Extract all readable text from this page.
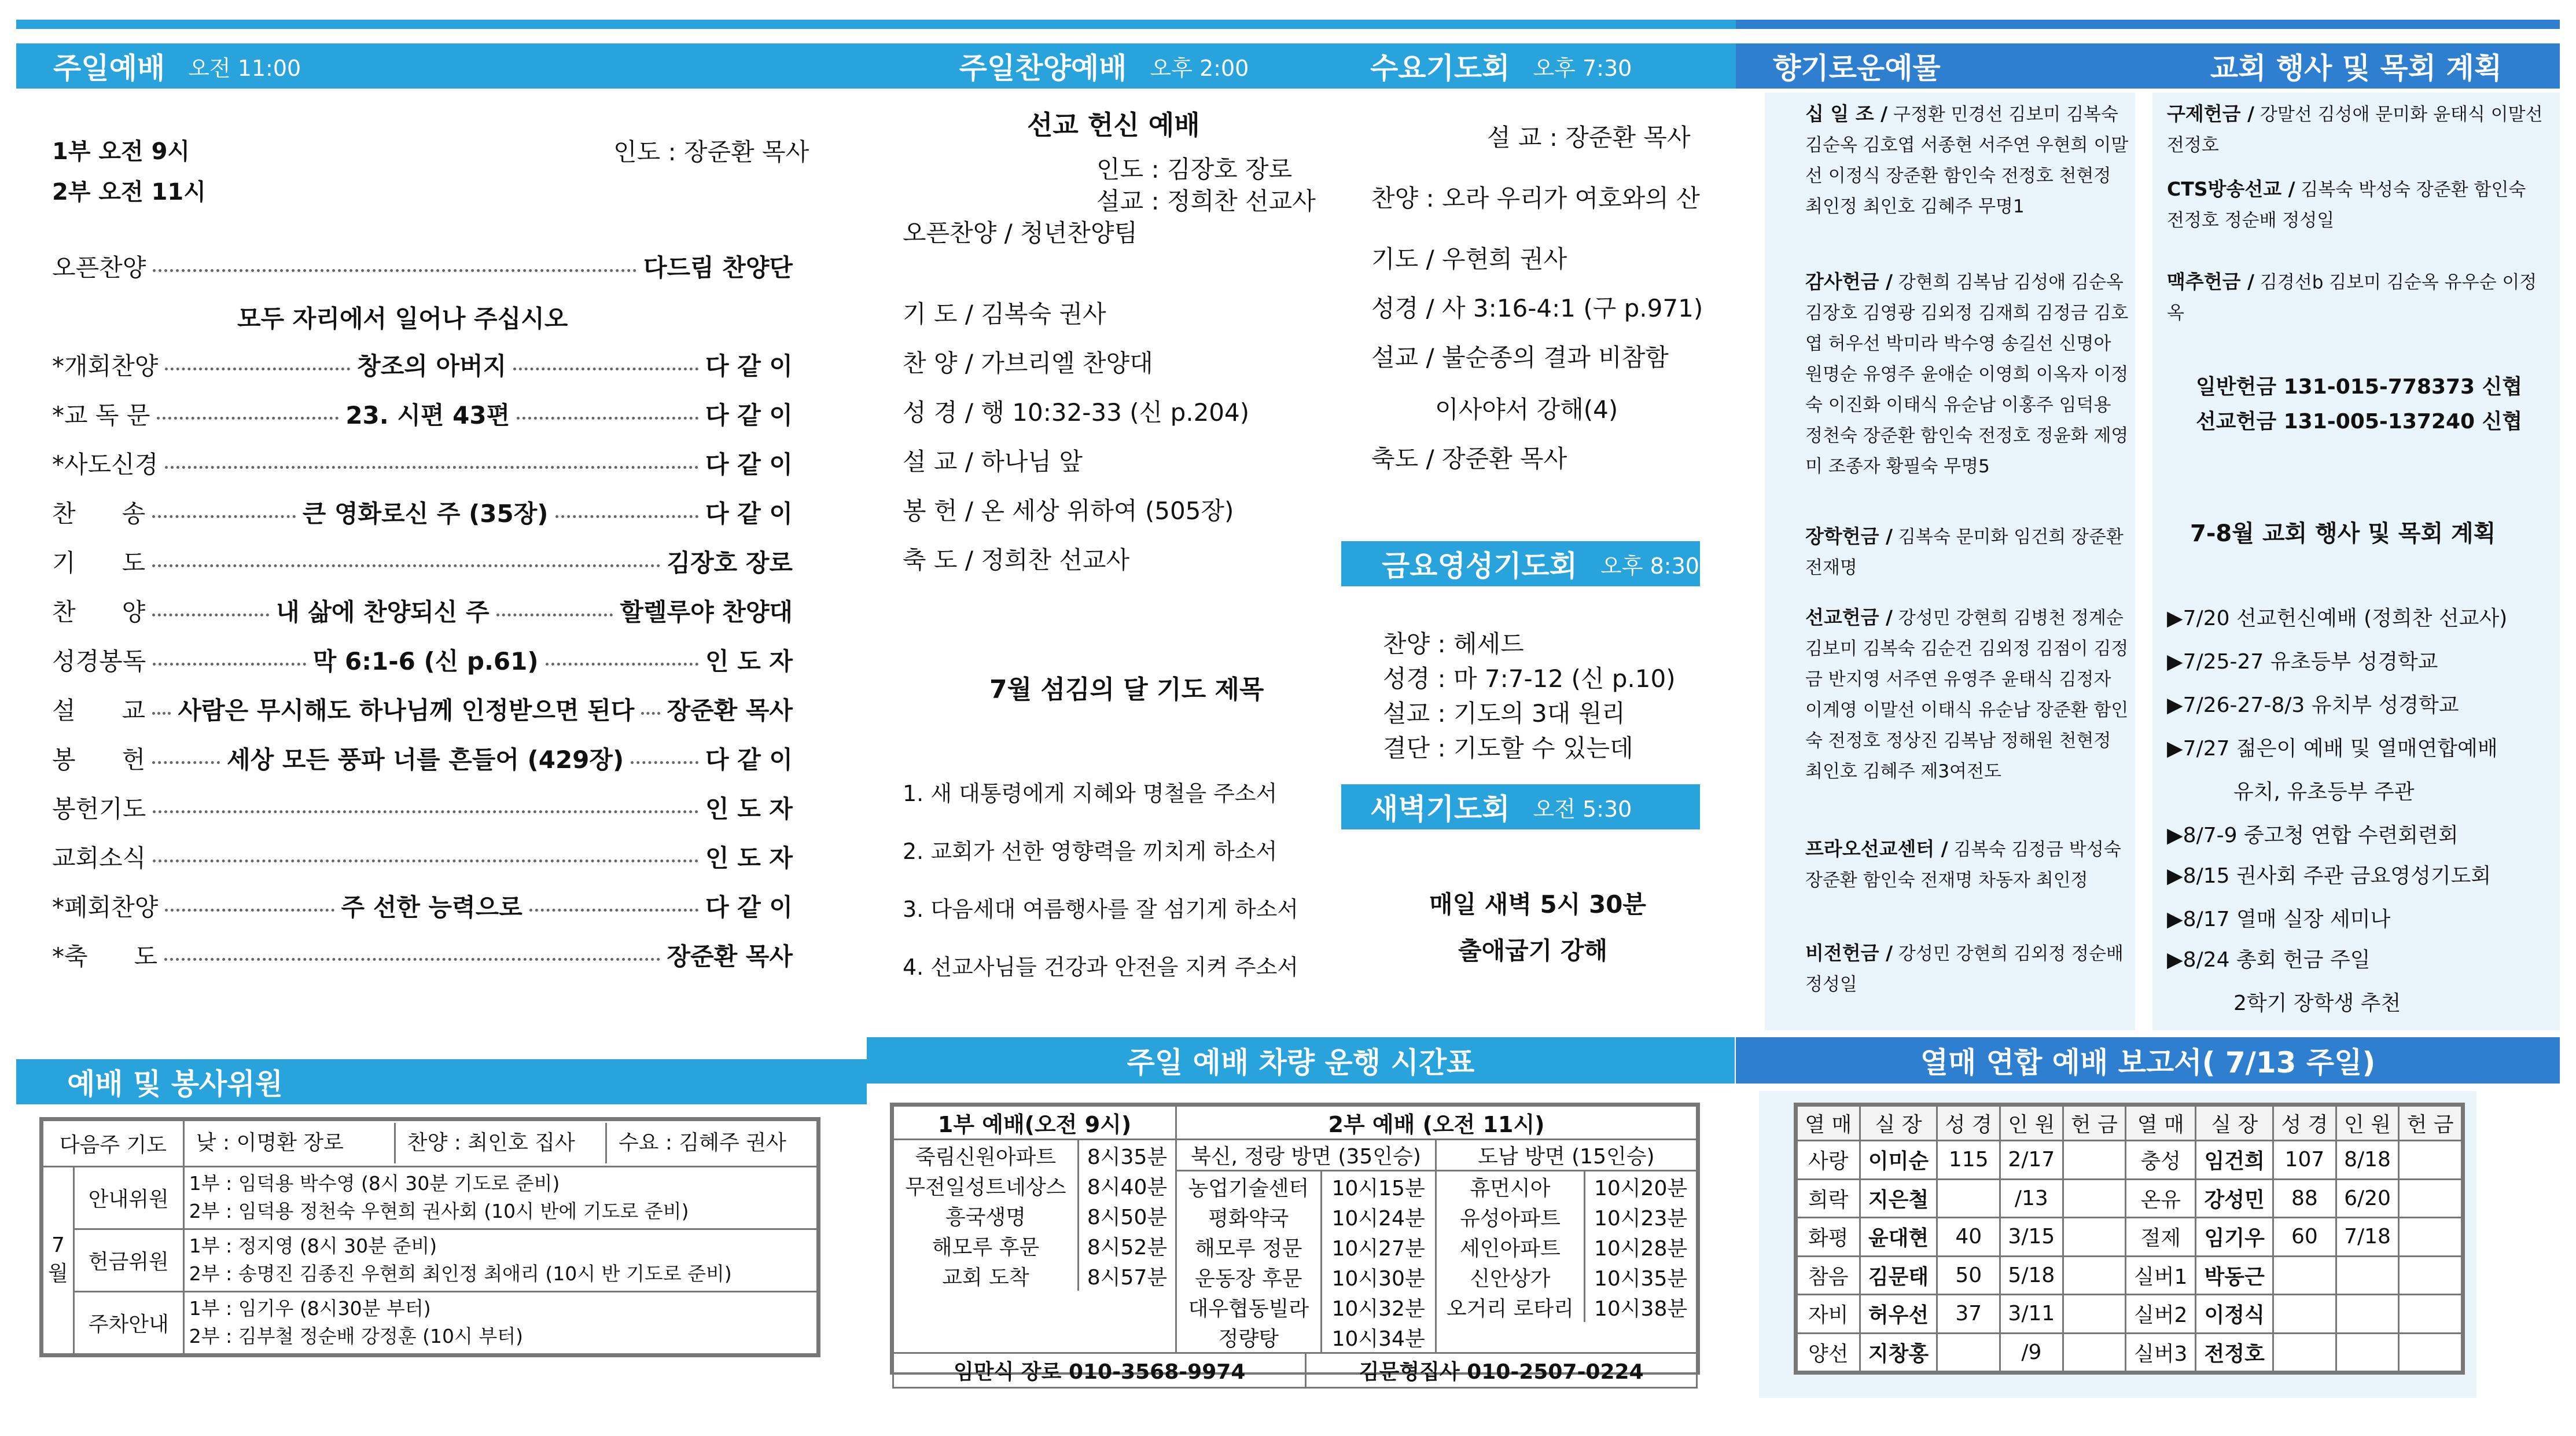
주일예배 오전 11:00	주일찬양예배 오후 2:00	수요기도회 오후 7:30	향기로운예물	교회 행사 및 목회 계획
1부 오전 9시
2부 오전 11시
인도 : 장준환 목사
모두 자리에서 일어나 주십시오
오픈찬양	다드림 찬양단
*개회찬양	창조의 아버지	다 같 이
*교 독 문	23. 시편 43편	다 같 이
*사도신경	다 같 이
찬      송	큰 영화로신 주 (35장)	다 같 이
기      도	김장호 장로
찬      양	내 삶에 찬양되신 주	할렐루야 찬양대
성경봉독	막 6:1-6 (신 p.61)	인 도 자
설      교 사람은 무시해도 하나님께 인정받으면 된다 장준환 목사
봉      헌	세상 모든 풍파 너를 흔들어 (429장)	다 같 이
봉헌기도	인 도 자
교회소식	인 도 자
*폐회찬양	주 선한 능력으로	다 같 이
*축      도	장준환 목사
선교 헌신 예배
인도 : 김장호 장로
설교 : 정희찬 선교사
오픈찬양 / 청년찬양팀
기 도 / 김복숙 권사
찬 양 / 가브리엘 찬양대
성 경 / 행 10:32-33 (신 p.204)
설 교 / 하나님 앞
봉 헌 / 온 세상 위하여 (505장)
축 도 / 정희찬 선교사
7월 섬김의 달 기도 제목
1. 새 대통령에게 지혜와 명철을 주소서
2. 교회가 선한 영향력을 끼치게 하소서
3. 다음세대 여름행사를 잘 섬기게 하소서
4. 선교사님들 건강과 안전을 지켜 주소서
설 교 : 장준환 목사
찬양 : 오라 우리가 여호와의 산
기도 / 우현희 권사
성경 / 사 3:16-4:1 (구 p.971)
설교 / 불순종의 결과 비참함
이사야서 강해(4)
축도 / 장준환 목사
금요영성기도회 오후 8:30
찬양 : 헤세드
성경 : 마 7:7-12 (신 p.10)
설교 : 기도의 3대 원리
결단 : 기도할 수 있는데
새벽기도회 오전 5:30
매일 새벽 5시 30분
출애굽기 강해
십 일 조 / 구정환 민경선 김보미 김복숙 김순옥 김호엽 서종현 서주연 우현희 이말선 이정식 장준환 함인숙 전정호 천현정 최인정 최인호 김혜주 무명1
감사헌금 / 강현희 김복남 김성애 김순옥 김장호 김영광 김외정 김재희 김정금 김호엽 허우선 박미라 박수영 송길선 신명아 원명순 유영주 윤애순 이영희 이옥자 이정숙 이진화 이태식 유순남 이홍주 임덕용 정천숙 장준환 함인숙 전정호 정윤화 제영미 조종자 황필숙 무명5
장학헌금 / 김복숙 문미화 임건희 장준환 전재명
선교헌금 / 강성민 강현희 김병천 정계순 김보미 김복숙 김순건 김외정 김점이 김정금 반지영 서주연 유영주 윤태식 김정자 이계영 이말선 이태식 유순남 장준환 함인숙 전정호 정상진 김복남 정해원 천현정 최인호 김혜주 제3여전도
프라오선교센터 / 김복숙 김정금 박성숙 장준환 함인숙 전재명 차동자 최인정
비전헌금 / 강성민 강현희 김외정 정순배 정성일
구제헌금 / 강말선 김성애 문미화 윤태식 이말선 전정호
CTS방송선교 / 김복숙 박성숙 장준환 함인숙 전정호 정순배 정성일
맥추헌금 / 김경선b 김보미 김순옥 유우순 이정옥
일반헌금 131-015-778373 신협
선교헌금 131-005-137240 신협
7-8월 교회 행사 및 목회 계획
▶7/20 선교헌신예배 (정희찬 선교사)
▶7/25-27 유초등부 성경학교
▶7/26-27-8/3 유치부 성경학교
▶7/27 젊은이 예배 및 열매연합예배
유치, 유초등부 주관
▶8/7-9 중고청 연합 수련회련회
▶8/15 권사회 주관 금요영성기도회
▶8/17 열매 실장 세미나
▶8/24 총회 헌금 주일
2학기 장학생 추천
예배 및 봉사위원
주일 예배 차량 운행 시간표	열매 연합 예배 보고서( 7/13 주일)
다음주 기도		낮 : 이명환 장로 찬양 : 최인호 집사 수요 : 김혜주 권사

7월	안내위원	1부 : 임덕용 박수영 (8시 30분 기도로 준비)
2부 : 임덕용 정천숙 우현희 권사회 (10시 반에 기도로 준비)

	헌금위원	1부 : 정지영 (8시 30분 준비)
2부 : 송명진 김종진 우현희 최인정 최애리 (10시 반 기도로 준비)

	주차안내	1부 : 임기우 (8시30분 부터)
2부 : 김부철 정순배 강정훈 (10시 부터)
1부 예배(오전 9시)	2부 예배 (오전 11시)

죽림신원아파트	8시35분
무전일성트네상스	8시40분
흥국생명	8시50분
해모루 후문	8시52분
교회 도착	8시57분
	북신, 정랑 방면 (35인승)	도남 방면 (15인승)

농업기술센터	10시15분
평화약국	10시24분
해모루 정문	10시27분
운동장 후문	10시30분
대우협동빌라	10시32분
정량탕	10시34분

휴먼시아	10시20분
유성아파트	10시23분
세인아파트	10시28분
신안상가	10시35분
오거리 로타리	10시38분

임만식 장로 010-3568-9974	김문형집사 010-2507-0224
열 매	실 장	성 경	인 원	헌 금	열 매	실 장	성 경	인 원	헌 금
사랑	이미순	115	2/17		충성	임건희	107	8/18	
희락	지은철		/13		온유	강성민	88	6/20	
화평	윤대현	40	3/15		절제	임기우	60	7/18	
참음	김문태	50	5/18		실버1	박동근			
자비	허우선	37	3/11		실버2	이정식			
양선	지창홍		/9		실버3	전정호			
